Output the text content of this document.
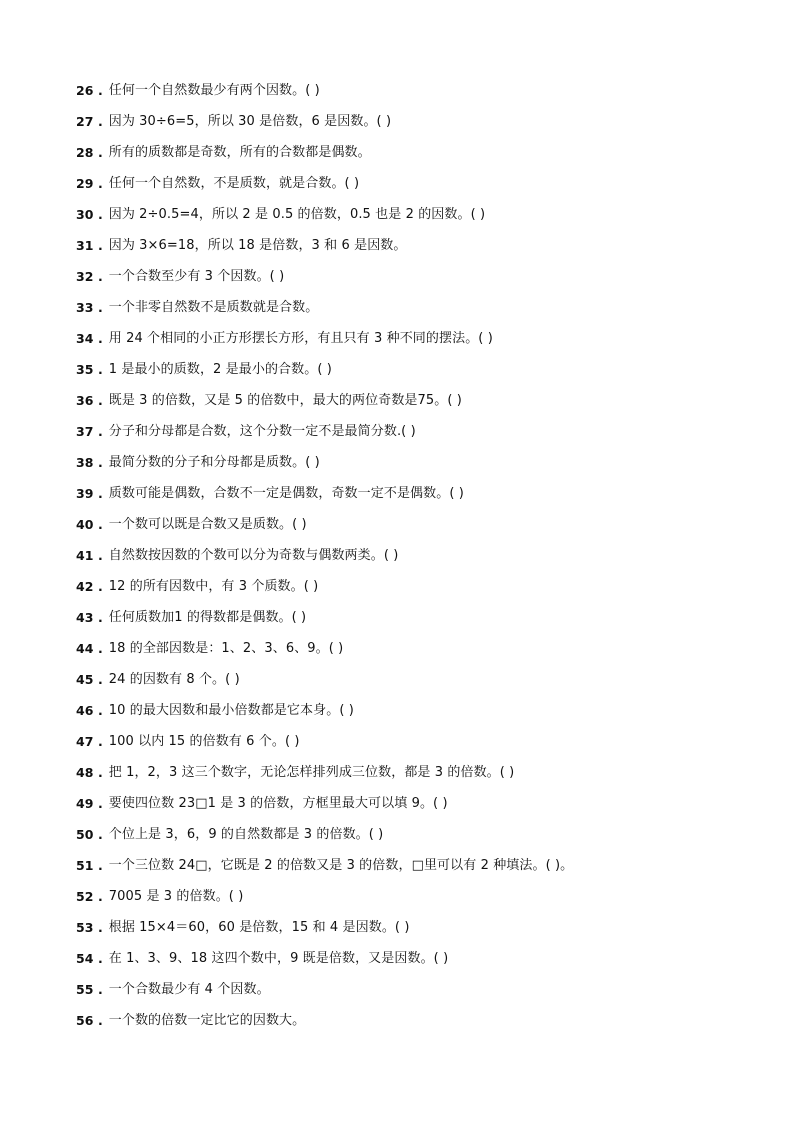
26 . 任何一个自然数最少有两个因数。( )
27 . 因为 30÷6=5，所以 30 是倍数，6 是因数。( )
28 . 所有的质数都是奇数，所有的合数都是偶数。
29 . 任何一个自然数，不是质数，就是合数。( )
30 . 因为 2÷0.5=4，所以 2 是 0.5 的倍数，0.5 也是 2 的因数。( )
31 . 因为 3×6=18，所以 18 是倍数，3 和 6 是因数。
32 . 一个合数至少有 3 个因数。( )
33 . 一个非零自然数不是质数就是合数。
34 . 用 24 个相同的小正方形摆长方形，有且只有 3 种不同的摆法。( )
35 . 1 是最小的质数，2 是最小的合数。( )
36 . 既是 3 的倍数，又是 5 的倍数中，最大的两位奇数是75。( )
37 . 分子和分母都是合数，这个分数一定不是最简分数.( )
38 . 最简分数的分子和分母都是质数。( )
39 . 质数可能是偶数，合数不一定是偶数，奇数一定不是偶数。( )
40 . 一个数可以既是合数又是质数。( )
41 . 自然数按因数的个数可以分为奇数与偶数两类。( )
42 . 12 的所有因数中，有 3 个质数。( )
43 . 任何质数加1 的得数都是偶数。( )
44 . 18 的全部因数是：1、2、3、6、9。( )
45 . 24 的因数有 8 个。( )
46 . 10 的最大因数和最小倍数都是它本身。( )
47 . 100 以内 15 的倍数有 6 个。( )
48 . 把 1，2，3 这三个数字，无论怎样排列成三位数，都是 3 的倍数。( )
49 . 要使四位数 23□1 是 3 的倍数，方框里最大可以填 9。( )
50 . 个位上是 3，6，9 的自然数都是 3 的倍数。( )
51 . 一个三位数 24□，它既是 2 的倍数又是 3 的倍数，□里可以有 2 种填法。( )。
52 . 7005 是 3 的倍数。( )
53 . 根据 15×4＝60，60 是倍数，15 和 4 是因数。( )
54 . 在 1、3、9、18 这四个数中，9 既是倍数，又是因数。( )
55 . 一个合数最少有 4 个因数。
56 . 一个数的倍数一定比它的因数大。
